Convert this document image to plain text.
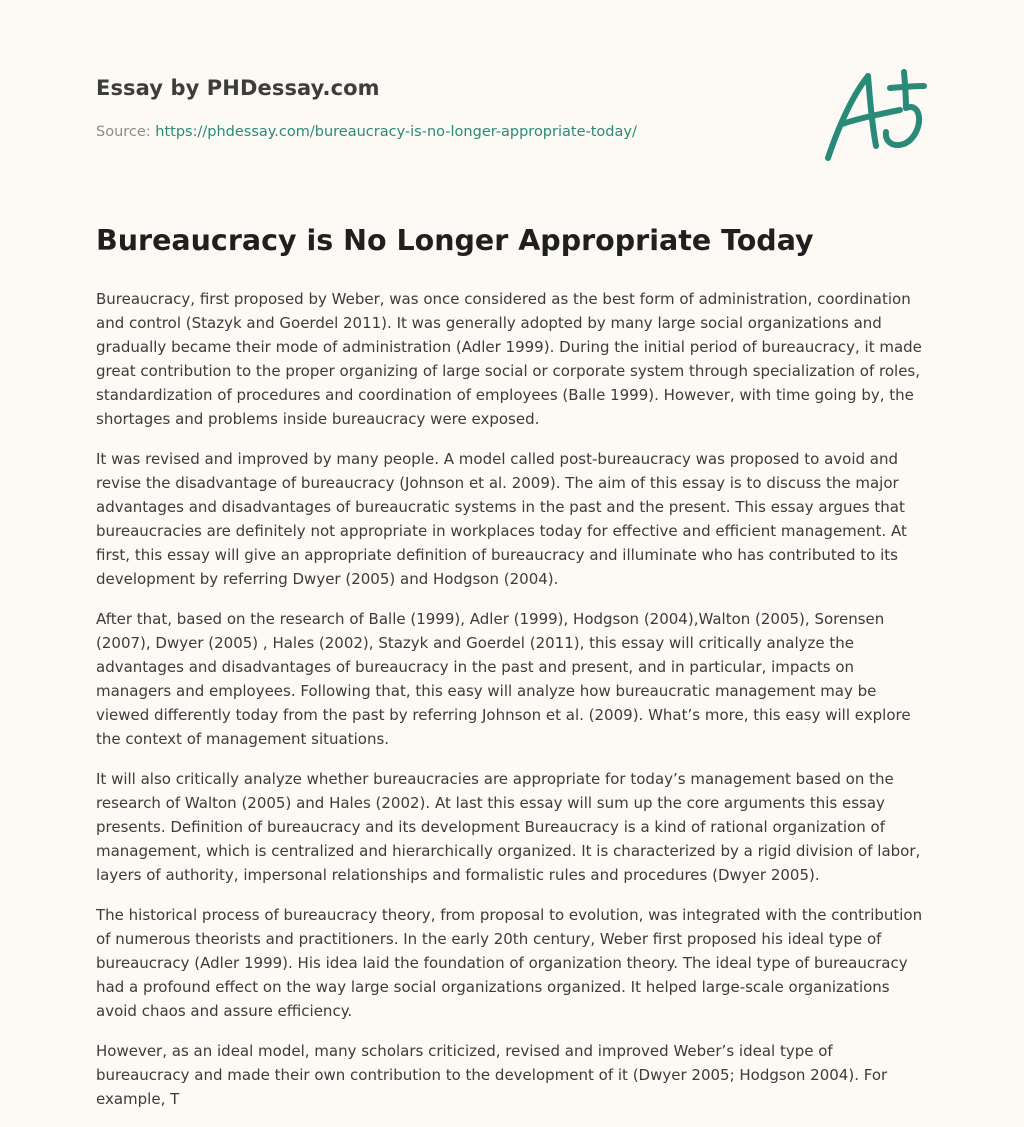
Essay by PHDessay.com
Source: https://phdessay.com/bureaucracy-is-no-longer-appropriate-today/
Bureaucracy is No Longer Appropriate Today

Bureaucracy, first proposed by Weber, was once considered as the best form of administration, coordination and control (Stazyk and Goerdel 2011). It was generally adopted by many large social organizations and gradually became their mode of administration (Adler 1999). During the initial period of bureaucracy, it made great contribution to the proper organizing of large social or corporate system through specialization of roles, standardization of procedures and coordination of employees (Balle 1999). However, with time going by, the shortages and problems inside bureaucracy were exposed.

It was revised and improved by many people. A model called post-bureaucracy was proposed to avoid and revise the disadvantage of bureaucracy (Johnson et al. 2009). The aim of this essay is to discuss the major advantages and disadvantages of bureaucratic systems in the past and the present. This essay argues that bureaucracies are definitely not appropriate in workplaces today for effective and efficient management. At first, this essay will give an appropriate definition of bureaucracy and illuminate who has contributed to its development by referring Dwyer (2005) and Hodgson (2004).

After that, based on the research of Balle (1999), Adler (1999), Hodgson (2004),Walton (2005), Sorensen (2007), Dwyer (2005) , Hales (2002), Stazyk and Goerdel (2011), this essay will critically analyze the advantages and disadvantages of bureaucracy in the past and present, and in particular, impacts on managers and employees. Following that, this easy will analyze how bureaucratic management may be viewed differently today from the past by referring Johnson et al. (2009). What’s more, this easy will explore the context of management situations.

It will also critically analyze whether bureaucracies are appropriate for today’s management based on the research of Walton (2005) and Hales (2002). At last this essay will sum up the core arguments this essay presents. Definition of bureaucracy and its development Bureaucracy is a kind of rational organization of management, which is centralized and hierarchically organized. It is characterized by a rigid division of labor, layers of authority, impersonal relationships and formalistic rules and procedures (Dwyer 2005).

The historical process of bureaucracy theory, from proposal to evolution, was integrated with the contribution of numerous theorists and practitioners. In the early 20th century, Weber first proposed his ideal type of bureaucracy (Adler 1999). His idea laid the foundation of organization theory. The ideal type of bureaucracy had a profound effect on the way large social organizations organized. It helped large-scale organizations avoid chaos and assure efficiency.

However, as an ideal model, many scholars criticized, revised and improved Weber’s ideal type of bureaucracy and made their own contribution to the development of it (Dwyer 2005; Hodgson 2004). For example, T
